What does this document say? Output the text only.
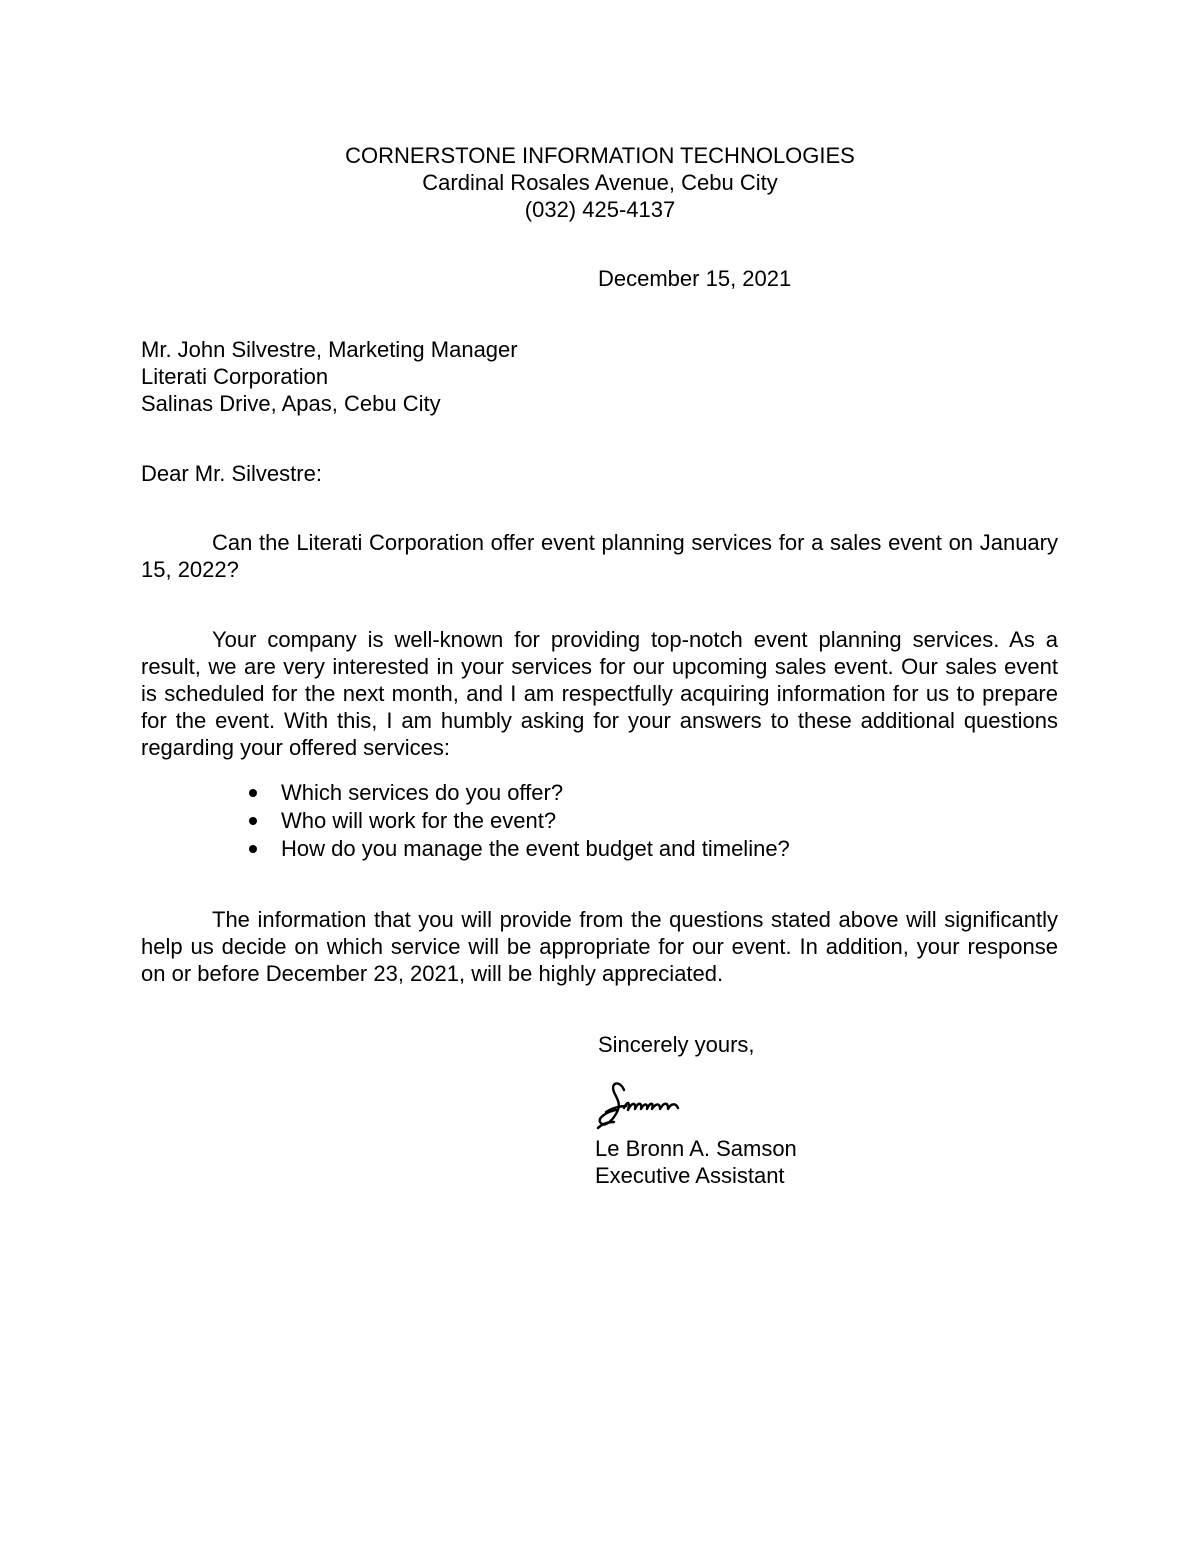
CORNERSTONE INFORMATION TECHNOLOGIES
Cardinal Rosales Avenue, Cebu City
(032) 425-4137
December 15, 2021
Mr. John Silvestre, Marketing Manager
Literati Corporation
Salinas Drive, Apas, Cebu City
Dear Mr. Silvestre:

Can the Literati Corporation offer event planning services for a sales event on January 15, 2022?

Your company is well-known for providing top-notch event planning services. As a result, we are very interested in your services for our upcoming sales event. Our sales event is scheduled for the next month, and I am respectfully acquiring information for us to prepare for the event. With this, I am humbly asking for your answers to these additional questions regarding your offered services:

Which services do you offer?
Who will work for the event?
How do you manage the event budget and timeline?

The information that you will provide from the questions stated above will significantly help us decide on which service will be appropriate for our event. In addition, your response on or before December 23, 2021, will be highly appreciated.

Sincerely yours,
Le Bronn A. Samson
Executive Assistant
